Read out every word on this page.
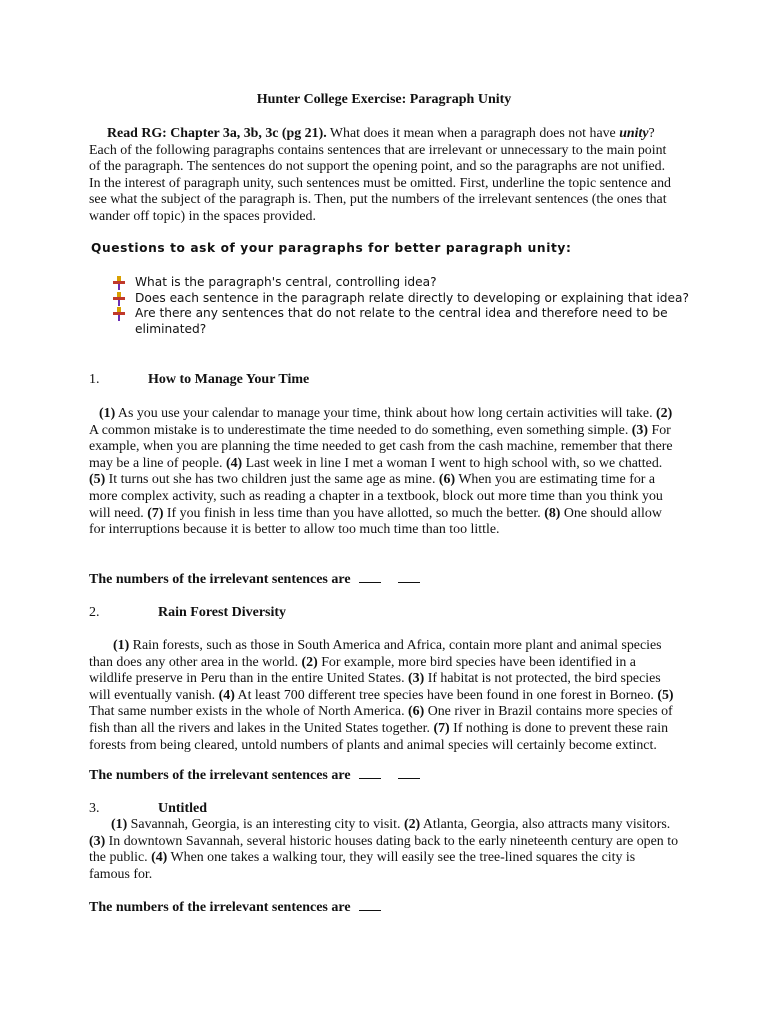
Hunter College Exercise: Paragraph Unity
Read RG: Chapter 3a, 3b, 3c (pg 21). What does it mean when a paragraph does not have unity? Each of the following paragraphs contains sentences that are irrelevant or unnecessary to the main point of the paragraph. The sentences do not support the opening point, and so the paragraphs are not unified. In the interest of paragraph unity, such sentences must be omitted. First, underline the topic sentence and see what the subject of the paragraph is. Then, put the numbers of the irrelevant sentences (the ones that wander off topic) in the spaces provided.
Questions to ask of your paragraphs for better paragraph unity:
What is the paragraph's central, controlling idea?
Does each sentence in the paragraph relate directly to developing or explaining that idea?
Are there any sentences that do not relate to the central idea and therefore need to be eliminated?
1.	How to Manage Your Time
(1) As you use your calendar to manage your time, think about how long certain activities will take. (2) A common mistake is to underestimate the time needed to do something, even something simple. (3) For example, when you are planning the time needed to get cash from the cash machine, remember that there may be a line of people. (4) Last week in line I met a woman I went to high school with, so we chatted. (5) It turns out she has two children just the same age as mine. (6) When you are estimating time for a more complex activity, such as reading a chapter in a textbook, block out more time than you think you will need. (7) If you finish in less time than you have allotted, so much the better. (8) One should allow for interruptions because it is better to allow too much time than too little.
The numbers of the irrelevant sentences are
2.	Rain Forest Diversity
(1) Rain forests, such as those in South America and Africa, contain more plant and animal species than does any other area in the world. (2) For example, more bird species have been identified in a wildlife preserve in Peru than in the entire United States. (3) If habitat is not protected, the bird species will eventually vanish. (4) At least 700 different tree species have been found in one forest in Borneo. (5) That same number exists in the whole of North America. (6) One river in Brazil contains more species of fish than all the rivers and lakes in the United States together. (7) If nothing is done to prevent these rain forests from being cleared, untold numbers of plants and animal species will certainly become extinct.
The numbers of the irrelevant sentences are
3.	Untitled
(1) Savannah, Georgia, is an interesting city to visit. (2) Atlanta, Georgia, also attracts many visitors. (3) In downtown Savannah, several historic houses dating back to the early nineteenth century are open to the public. (4) When one takes a walking tour, they will easily see the tree-lined squares the city is famous for.
The numbers of the irrelevant sentences are
